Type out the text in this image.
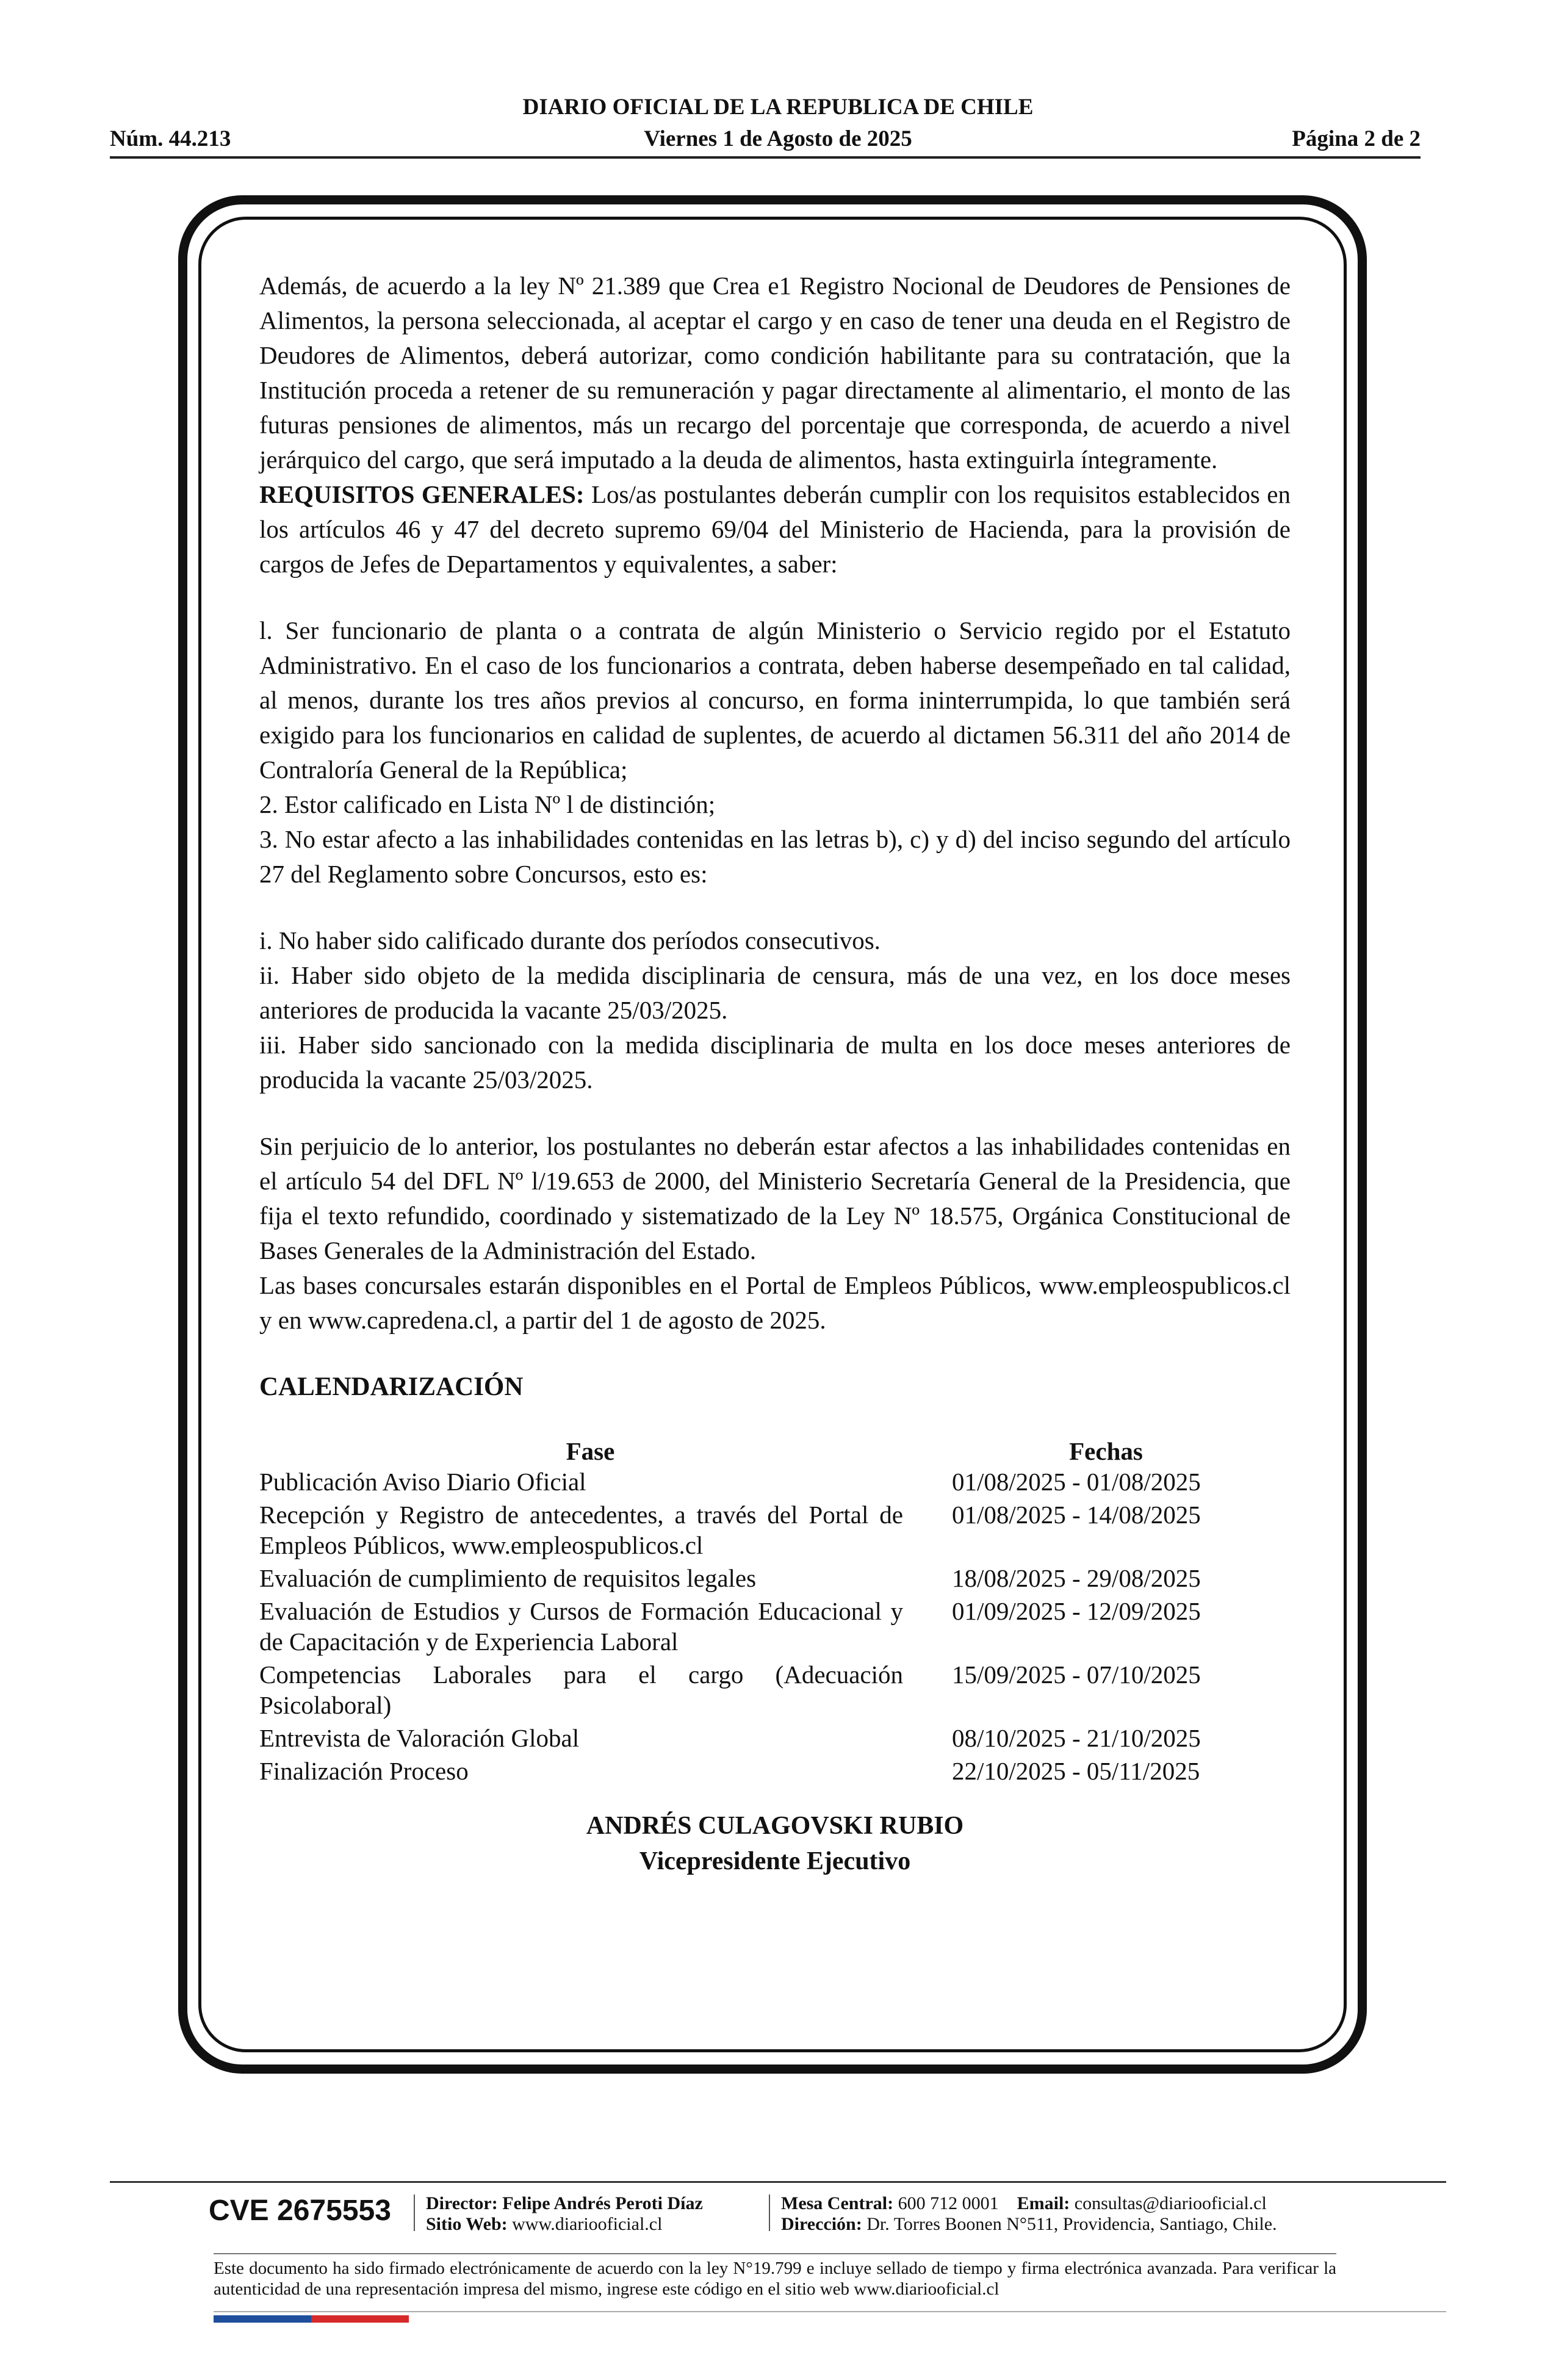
DIARIO OFICIAL DE LA REPUBLICA DE CHILE
Viernes 1 de Agosto de 2025
Núm. 44.213	Página 2 de 2

Además, de acuerdo a la ley Nº 21.389 que Crea e1 Registro Nocional de Deudores de Pensiones de Alimentos, la persona seleccionada, al aceptar el cargo y en caso de tener una deuda en el Registro de Deudores de Alimentos, deberá autorizar, como condición habilitante para su contratación, que la Institución proceda a retener de su remuneración y pagar directamente al alimentario, el monto de las futuras pensiones de alimentos, más un recargo del porcentaje que corresponda, de acuerdo a nivel jerárquico del cargo, que será imputado a la deuda de alimentos, hasta extinguirla íntegramente.

REQUISITOS GENERALES: Los/as postulantes deberán cumplir con los requisitos establecidos en los artículos 46 y 47 del decreto supremo 69/04 del Ministerio de Hacienda, para la provisión de cargos de Jefes de Departamentos y equivalentes, a saber:

l. Ser funcionario de planta o a contrata de algún Ministerio o Servicio regido por el Estatuto Administrativo. En el caso de los funcionarios a contrata, deben haberse desempeñado en tal calidad, al menos, durante los tres años previos al concurso, en forma ininterrumpida, lo que también será exigido para los funcionarios en calidad de suplentes, de acuerdo al dictamen 56.311 del año 2014 de Contraloría General de la República;

2. Estor calificado en Lista Nº l de distinción;

3. No estar afecto a las inhabilidades contenidas en las letras b), c) y d) del inciso segundo del artículo 27 del Reglamento sobre Concursos, esto es:

i. No haber sido calificado durante dos períodos consecutivos.

ii. Haber sido objeto de la medida disciplinaria de censura, más de una vez, en los doce meses anteriores de producida la vacante 25/03/2025.

iii. Haber sido sancionado con la medida disciplinaria de multa en los doce meses anteriores de producida la vacante 25/03/2025.

Sin perjuicio de lo anterior, los postulantes no deberán estar afectos a las inhabilidades contenidas en el artículo 54 del DFL Nº l/19.653 de 2000, del Ministerio Secretaría General de la Presidencia, que fija el texto refundido, coordinado y sistematizado de la Ley Nº 18.575, Orgánica Constitucional de Bases Generales de la Administración del Estado.

Las bases concursales estarán disponibles en el Portal de Empleos Públicos, www.empleospublicos.cl y en www.capredena.cl, a partir del 1 de agosto de 2025.

CALENDARIZACIÓN

Fase	Fechas
Publicación Aviso Diario Oficial	01/08/2025 - 01/08/2025
Recepción y Registro de antecedentes, a través del Portal de Empleos Públicos, www.empleospublicos.cl	01/08/2025 - 14/08/2025
Evaluación de cumplimiento de requisitos legales	18/08/2025 - 29/08/2025
Evaluación de Estudios y Cursos de Formación Educacional y de Capacitación y de Experiencia Laboral	01/09/2025 - 12/09/2025
Competencias Laborales para el cargo (Adecuación Psicolaboral)	15/09/2025 - 07/10/2025
Entrevista de Valoración Global	08/10/2025 - 21/10/2025
Finalización Proceso	22/10/2025 - 05/11/2025
ANDRÉS CULAGOVSKI RUBIO
Vicepresidente Ejecutivo
CVE 2675553 Director: Felipe Andrés Peroti Díaz
Sitio Web: www.diariooficial.cl
Mesa Central: 600 712 0001 Email: consultas@diariooficial.cl
Dirección: Dr. Torres Boonen N°511, Providencia, Santiago, Chile.
Este documento ha sido firmado electrónicamente de acuerdo con la ley N°19.799 e incluye sellado de tiempo y firma electrónica avanzada. Para verificar la autenticidad de una representación impresa del mismo, ingrese este código en el sitio web www.diariooficial.cl
